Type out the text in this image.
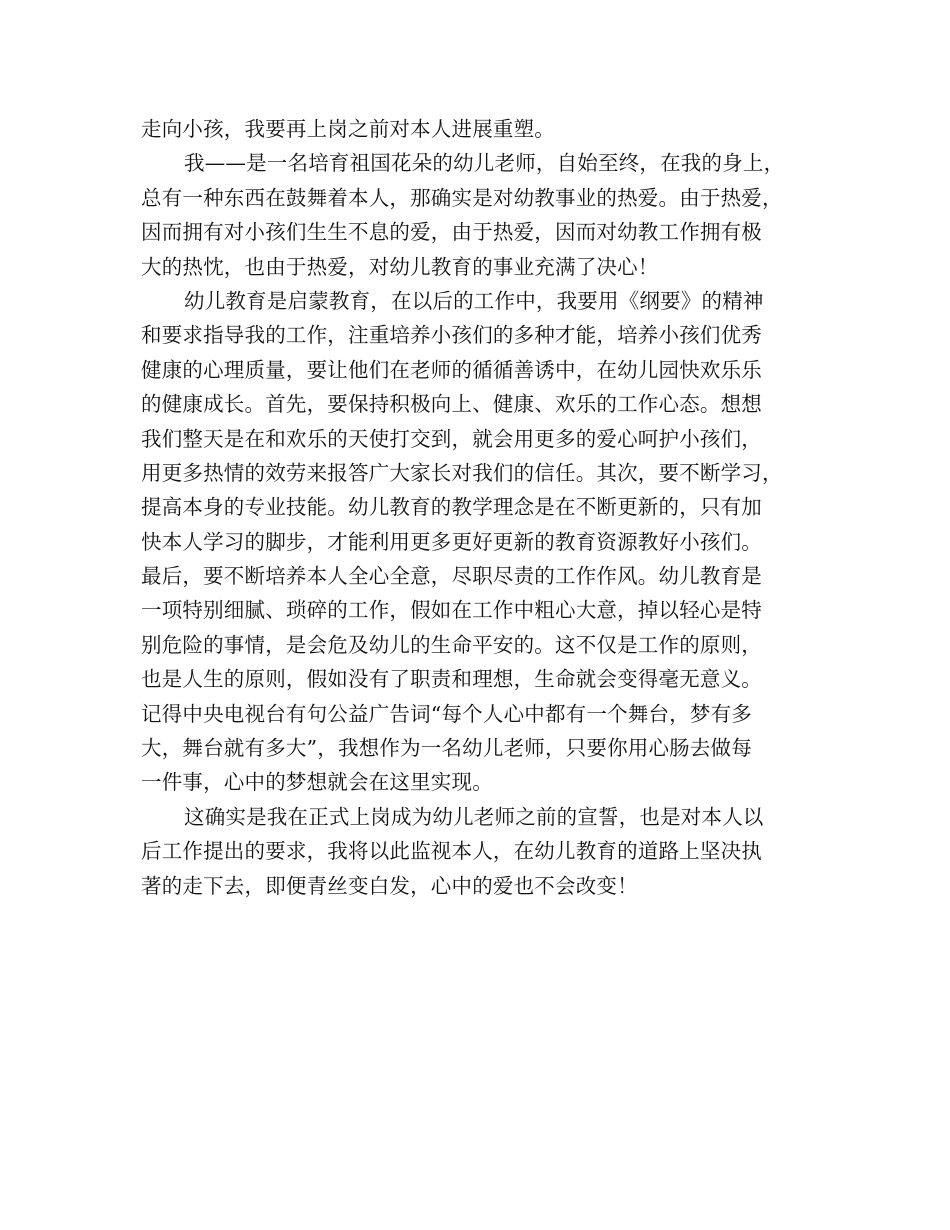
走向小孩，我要再上岗之前对本人进展重塑。
我——是一名培育祖国花朵的幼儿老师，自始至终，在我的身上，
总有一种东西在鼓舞着本人，那确实是对幼教事业的热爱。由于热爱，
因而拥有对小孩们生生不息的爱，由于热爱，因而对幼教工作拥有极
大的热忱，也由于热爱，对幼儿教育的事业充满了决心！
幼儿教育是启蒙教育，在以后的工作中，我要用《纲要》的精神
和要求指导我的工作，注重培养小孩们的多种才能，培养小孩们优秀
健康的心理质量，要让他们在老师的循循善诱中，在幼儿园快欢乐乐
的健康成长。首先，要保持积极向上、健康、欢乐的工作心态。想想
我们整天是在和欢乐的天使打交到，就会用更多的爱心呵护小孩们，
用更多热情的效劳来报答广大家长对我们的信任。其次，要不断学习，
提高本身的专业技能。幼儿教育的教学理念是在不断更新的，只有加
快本人学习的脚步，才能利用更多更好更新的教育资源教好小孩们。
最后，要不断培养本人全心全意，尽职尽责的工作作风。幼儿教育是
一项特别细腻、琐碎的工作，假如在工作中粗心大意，掉以轻心是特
别危险的事情，是会危及幼儿的生命平安的。这不仅是工作的原则，
也是人生的原则，假如没有了职责和理想，生命就会变得毫无意义。
记得中央电视台有句公益广告词“每个人心中都有一个舞台，梦有多
大，舞台就有多大”，我想作为一名幼儿老师，只要你用心肠去做每
一件事，心中的梦想就会在这里实现。
这确实是我在正式上岗成为幼儿老师之前的宣誓，也是对本人以
后工作提出的要求，我将以此监视本人，在幼儿教育的道路上坚决执
著的走下去，即便青丝变白发，心中的爱也不会改变！
